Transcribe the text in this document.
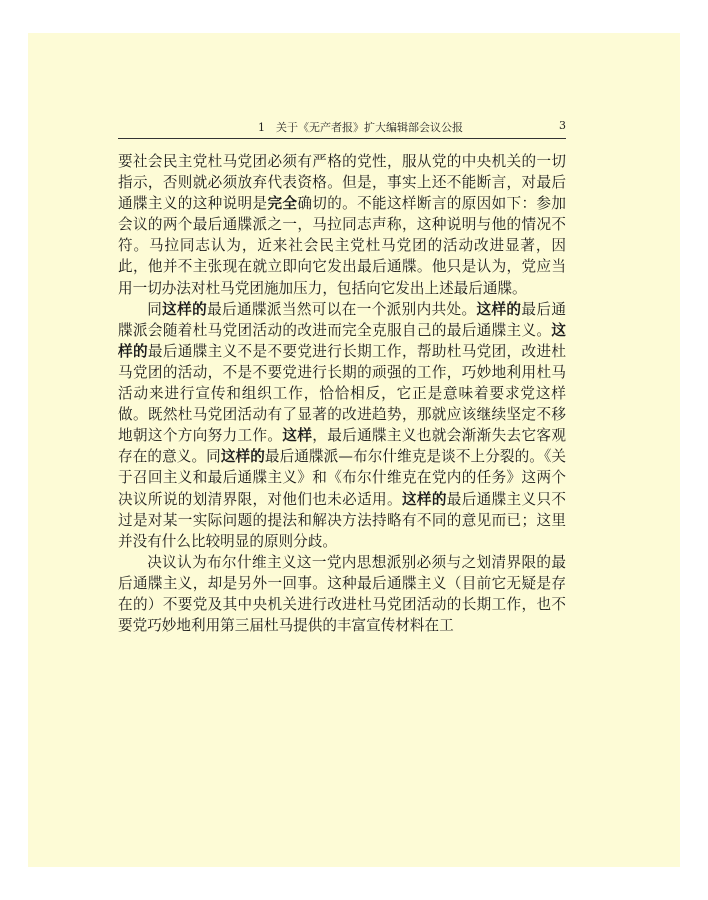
1　关于《无产者报》扩大编辑部会议公报	3

要社会民主党杜马党团必须有严格的党性，服从党的中央机关的一切指示，否则就必须放弃代表资格。但是，事实上还不能断言，对最后通牒主义的这种说明是完全确切的。不能这样断言的原因如下：参加会议的两个最后通牒派之一，马拉同志声称，这种说明与他的情况不符。马拉同志认为，近来社会民主党杜马党团的活动改进显著，因此，他并不主张现在就立即向它发出最后通牒。他只是认为，党应当用一切办法对杜马党团施加压力，包括向它发出上述最后通牒。

同这样的最后通牒派当然可以在一个派别内共处。这样的最后通牒派会随着杜马党团活动的改进而完全克服自己的最后通牒主义。这样的最后通牒主义不是不要党进行长期工作，帮助杜马党团，改进杜马党团的活动，不是不要党进行长期的顽强的工作，巧妙地利用杜马活动来进行宣传和组织工作，恰恰相反，它正是意味着要求党这样做。既然杜马党团活动有了显著的改进趋势，那就应该继续坚定不移地朝这个方向努力工作。这样，最后通牒主义也就会渐渐失去它客观存在的意义。同这样的最后通牒派—布尔什维克是谈不上分裂的。《关于召回主义和最后通牒主义》和《布尔什维克在党内的任务》这两个决议所说的划清界限，对他们也未必适用。这样的最后通牒主义只不过是对某一实际问题的提法和解决方法持略有不同的意见而已；这里并没有什么比较明显的原则分歧。

决议认为布尔什维主义这一党内思想派别必须与之划清界限的最后通牒主义，却是另外一回事。这种最后通牒主义（目前它无疑是存在的）不要党及其中央机关进行改进杜马党团活动的长期工作，也不要党巧妙地利用第三届杜马提供的丰富宣传材料在工
